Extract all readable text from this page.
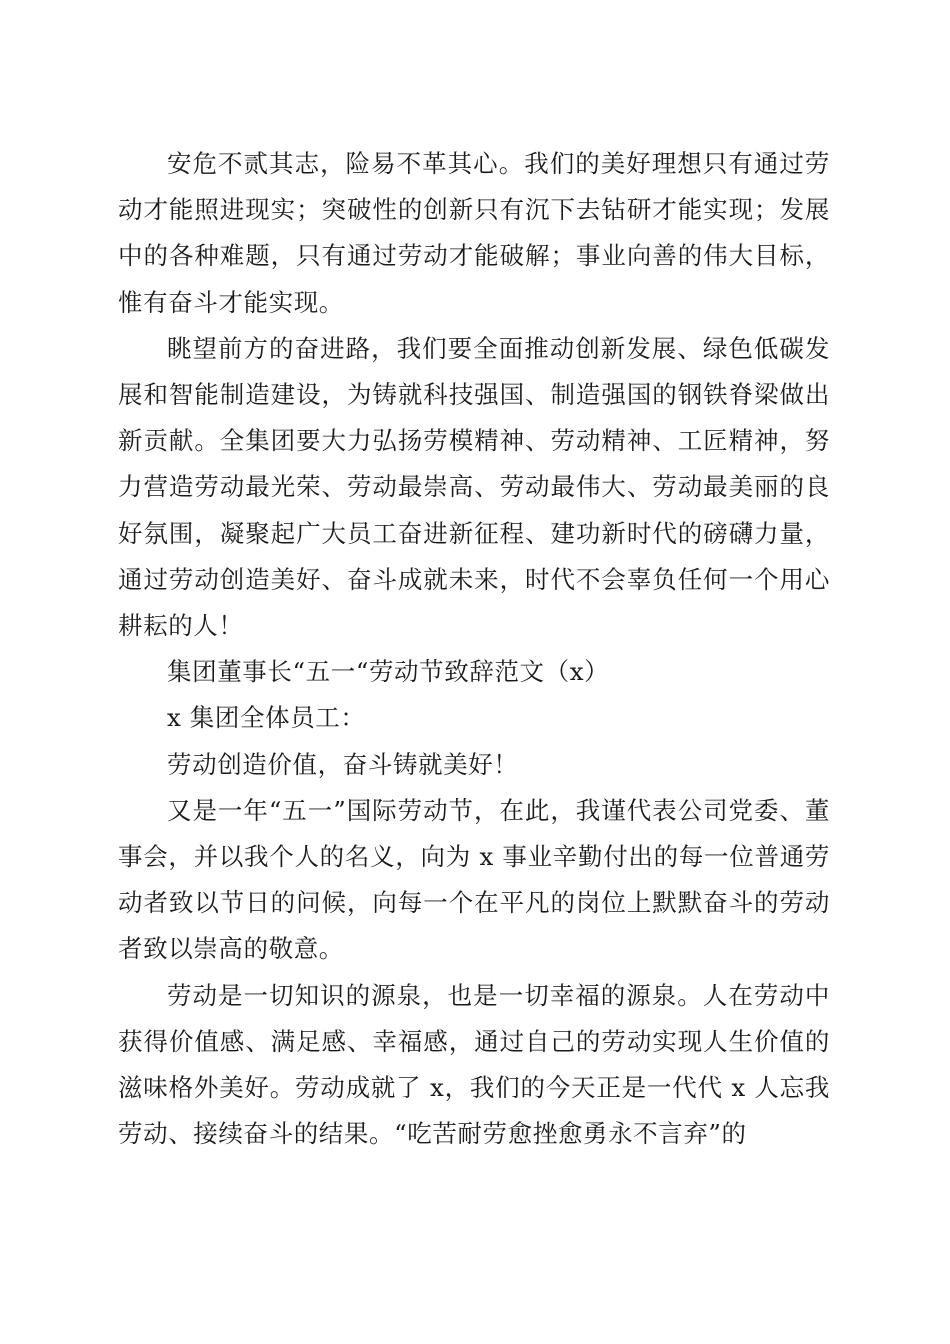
安危不贰其志，险易不革其心。我们的美好理想只有通过劳动才能照进现实；突破性的创新只有沉下去钻研才能实现；发展中的各种难题，只有通过劳动才能破解；事业向善的伟大目标，惟有奋斗才能实现。

眺望前方的奋进路，我们要全面推动创新发展、绿色低碳发展和智能制造建设，为铸就科技强国、制造强国的钢铁脊梁做出新贡献。全集团要大力弘扬劳模精神、劳动精神、工匠精神，努力营造劳动最光荣、劳动最崇高、劳动最伟大、劳动最美丽的良好氛围，凝聚起广大员工奋进新征程、建功新时代的磅礴力量，通过劳动创造美好、奋斗成就未来，时代不会辜负任何一个用心耕耘的人！

集团董事长“五一“劳动节致辞范文（x）

x 集团全体员工：

劳动创造价值，奋斗铸就美好！

又是一年“五一”国际劳动节，在此，我谨代表公司党委、董事会，并以我个人的名义，向为 x 事业辛勤付出的每一位普通劳动者致以节日的问候，向每一个在平凡的岗位上默默奋斗的劳动者致以崇高的敬意。

劳动是一切知识的源泉，也是一切幸福的源泉。人在劳动中获得价值感、满足感、幸福感，通过自己的劳动实现人生价值的滋味格外美好。劳动成就了 x，我们的今天正是一代代 x 人忘我劳动、接续奋斗的结果。“吃苦耐劳愈挫愈勇永不言弃”的
